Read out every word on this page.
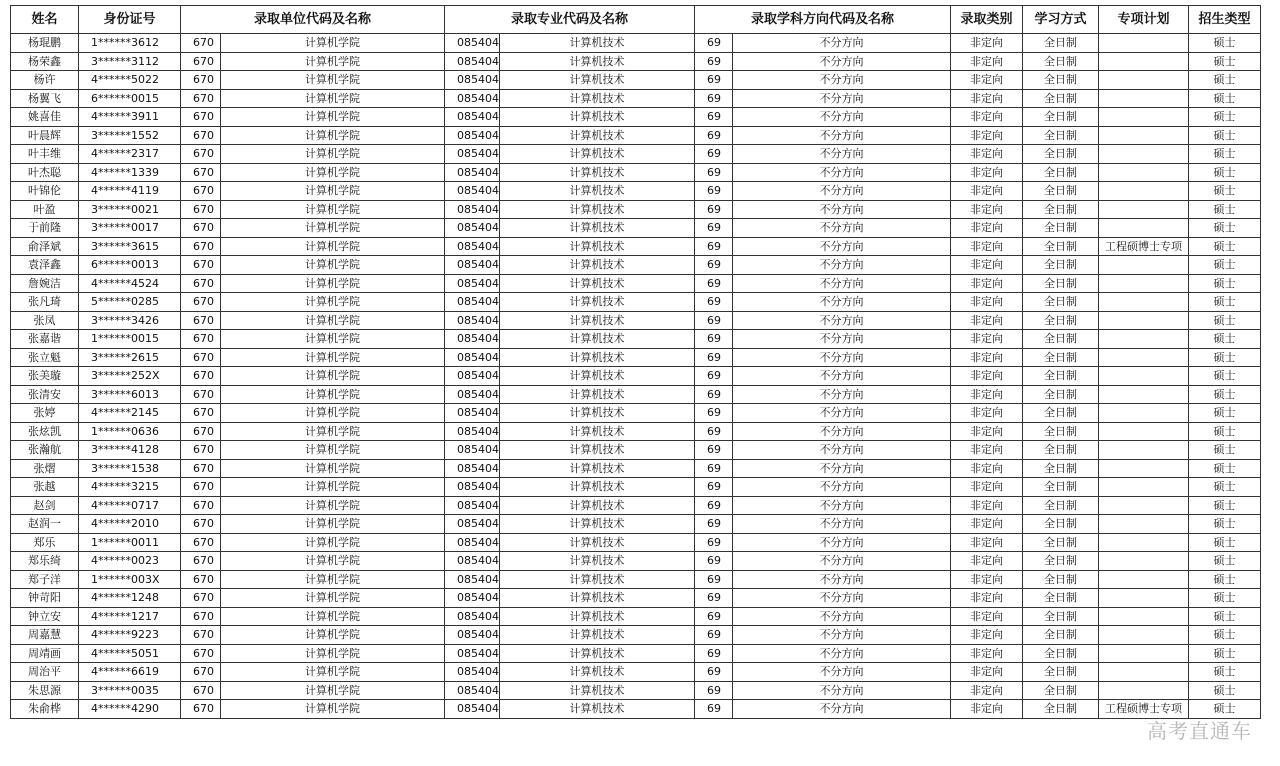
姓名	身份证号	录取单位代码及名称		录取专业代码及名称		录取学科方向代码及名称		录取类别	学习方式	专项计划	招生类型
杨琨鹏	1******3612	670	计算机学院	085404	计算机技术	69	不分方向	非定向	全日制		硕士
杨荣鑫	3******3112	670	计算机学院	085404	计算机技术	69	不分方向	非定向	全日制		硕士
杨许	4******5022	670	计算机学院	085404	计算机技术	69	不分方向	非定向	全日制		硕士
杨翼飞	6******0015	670	计算机学院	085404	计算机技术	69	不分方向	非定向	全日制		硕士
姚喜佳	4******3911	670	计算机学院	085404	计算机技术	69	不分方向	非定向	全日制		硕士
叶晨辉	3******1552	670	计算机学院	085404	计算机技术	69	不分方向	非定向	全日制		硕士
叶丰维	4******2317	670	计算机学院	085404	计算机技术	69	不分方向	非定向	全日制		硕士
叶杰聪	4******1339	670	计算机学院	085404	计算机技术	69	不分方向	非定向	全日制		硕士
叶锦伦	4******4119	670	计算机学院	085404	计算机技术	69	不分方向	非定向	全日制		硕士
叶盈	3******0021	670	计算机学院	085404	计算机技术	69	不分方向	非定向	全日制		硕士
于前隆	3******0017	670	计算机学院	085404	计算机技术	69	不分方向	非定向	全日制		硕士
俞泽斌	3******3615	670	计算机学院	085404	计算机技术	69	不分方向	非定向	全日制	工程硕博士专项	硕士
袁泽鑫	6******0013	670	计算机学院	085404	计算机技术	69	不分方向	非定向	全日制		硕士
詹婉洁	4******4524	670	计算机学院	085404	计算机技术	69	不分方向	非定向	全日制		硕士
张凡琦	5******0285	670	计算机学院	085404	计算机技术	69	不分方向	非定向	全日制		硕士
张凤	3******3426	670	计算机学院	085404	计算机技术	69	不分方向	非定向	全日制		硕士
张嘉谐	1******0015	670	计算机学院	085404	计算机技术	69	不分方向	非定向	全日制		硕士
张立魁	3******2615	670	计算机学院	085404	计算机技术	69	不分方向	非定向	全日制		硕士
张美璇	3******252X	670	计算机学院	085404	计算机技术	69	不分方向	非定向	全日制		硕士
张清安	3******6013	670	计算机学院	085404	计算机技术	69	不分方向	非定向	全日制		硕士
张婷	4******2145	670	计算机学院	085404	计算机技术	69	不分方向	非定向	全日制		硕士
张炫凯	1******0636	670	计算机学院	085404	计算机技术	69	不分方向	非定向	全日制		硕士
张瀚航	3******4128	670	计算机学院	085404	计算机技术	69	不分方向	非定向	全日制		硕士
张熠	3******1538	670	计算机学院	085404	计算机技术	69	不分方向	非定向	全日制		硕士
张越	4******3215	670	计算机学院	085404	计算机技术	69	不分方向	非定向	全日制		硕士
赵剑	4******0717	670	计算机学院	085404	计算机技术	69	不分方向	非定向	全日制		硕士
赵润一	4******2010	670	计算机学院	085404	计算机技术	69	不分方向	非定向	全日制		硕士
郑乐	1******0011	670	计算机学院	085404	计算机技术	69	不分方向	非定向	全日制		硕士
郑乐绮	4******0023	670	计算机学院	085404	计算机技术	69	不分方向	非定向	全日制		硕士
郑子洋	1******003X	670	计算机学院	085404	计算机技术	69	不分方向	非定向	全日制		硕士
钟苛阳	4******1248	670	计算机学院	085404	计算机技术	69	不分方向	非定向	全日制		硕士
钟立安	4******1217	670	计算机学院	085404	计算机技术	69	不分方向	非定向	全日制		硕士
周嘉慧	4******9223	670	计算机学院	085404	计算机技术	69	不分方向	非定向	全日制		硕士
周靖画	4******5051	670	计算机学院	085404	计算机技术	69	不分方向	非定向	全日制		硕士
周治平	4******6619	670	计算机学院	085404	计算机技术	69	不分方向	非定向	全日制		硕士
朱思源	3******0035	670	计算机学院	085404	计算机技术	69	不分方向	非定向	全日制		硕士
朱俞桦	4******4290	670	计算机学院	085404	计算机技术	69	不分方向	非定向	全日制	工程硕博士专项	硕士
高考直通车
